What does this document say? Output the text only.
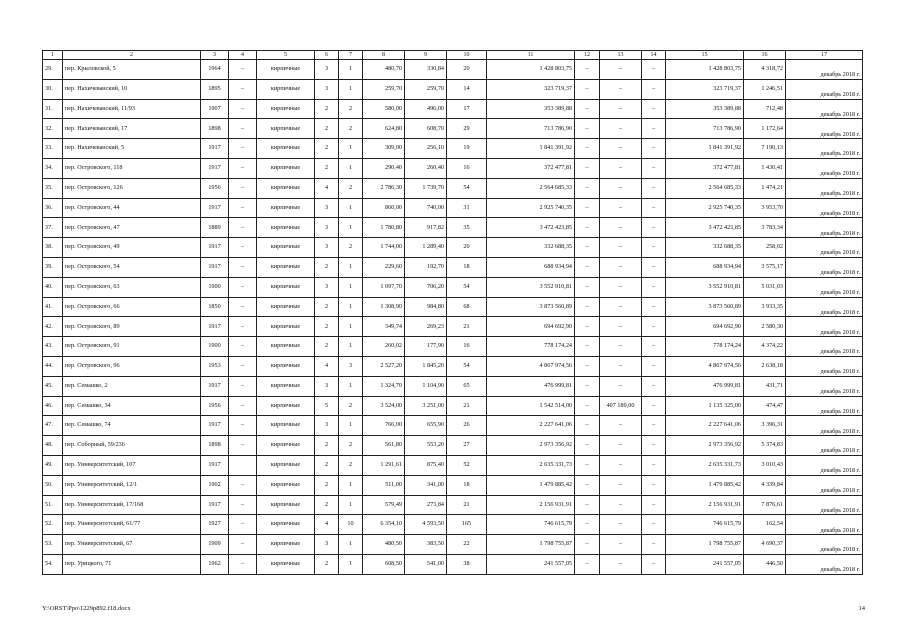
1	2	3	4	5	6	7	8	9	10	11	12	13	14	15	16	17
29.	пер. Крыловской, 5	1964	–	кирпичные	3	1	480,70	330,84	20	1 428 803,75	–	–	–	1 428 803,75	4 318,72	декабрь 2018 г.
30.	пер. Нахичеванский, 10	1895	–	кирпичные	3	1	259,70	259,70	14	323 719,37	–	–	–	323 719,37	1 246,51	декабрь 2018 г.
31.	пер. Нахичеванский, 11/93	1907	–	кирпичные	2	2	580,00	496,00	17	353 389,88	–	–	–	353 389,88	712,48	декабрь 2018 г.
32.	пер. Нахичеванский, 17	1898	–	кирпичные	2	2	624,80	608,70	29	713 786,90	–	–	–	713 786,90	1 172,64	декабрь 2018 г.
33.	пер. Нахичеванский, 5	1917	–	кирпичные	2	1	309,00	256,10	19	1 841 391,92	–	–	–	1 841 391,92	7 190,13	декабрь 2018 г.
34.	пер. Островского, 118	1917	–	кирпичные	2	1	290,40	260,40	16	372 477,81	–	–	–	372 477,81	1 430,41	декабрь 2018 г.
35.	пер. Островского, 126	1956	–	кирпичные	4	2	2 786,30	1 739,70	54	2 564 685,33	–	–	–	2 564 685,33	1 474,21	декабрь 2018 г.
36.	пер. Островского, 44	1917	–	кирпичные	3	1	860,00	740,00	31	2 925 740,35	–	–	–	2 925 740,35	3 953,70	декабрь 2018 г.
37.	пер. Островского, 47	1889	–	кирпичные	3	1	1 780,80	917,82	35	3 472 423,85	–	–	–	3 472 423,85	3 783,34	декабрь 2018 г.
38.	пер. Островского, 49	1917	–	кирпичные	3	2	1 744,00	1 289,40	20	332 688,35	–	–	–	332 688,35	258,02	декабрь 2018 г.
39.	пер. Островского, 54	1917	–	кирпичные	2	1	229,60	192,70	18	688 934,94	–	–	–	688 934,94	3 575,17	декабрь 2018 г.
40.	пер. Островского, 63	1900	–	кирпичные	3	1	1 097,70	706,20	54	3 552 910,81	–	–	–	3 552 910,81	5 031,03	декабрь 2018 г.
41.	пер. Островского, 66	1850	–	кирпичные	2	1	1 308,90	984,80	68	3 873 560,89	–	–	–	3 873 560,89	3 933,35	декабрь 2018 г.
42.	пер. Островского, 89	1917	–	кирпичные	2	1	349,74	269,23	21	694 692,90	–	–	–	694 692,90	2 580,30	декабрь 2018 г.
43.	пер. Островского, 91	1900	–	кирпичные	2	1	260,02	177,90	16	778 174,24	–	–	–	778 174,24	4 374,22	декабрь 2018 г.
44.	пер. Островского, 96	1953	–	кирпичные	4	3	2 527,20	1 845,20	54	4 867 974,56	–	–	–	4 867 974,56	2 638,18	декабрь 2018 г.
45.	пер. Семашко, 2	1917	–	кирпичные	3	1	1 324,70	1 104,90	65	476 999,81	–	–	–	476 999,81	431,71	декабрь 2018 г.
46.	пер. Семашко, 34	1956	–	кирпичные	5	2	3 524,00	3 251,00	21	1 542 514,00	–	407 189,00	–	1 135 325,00	474,47	декабрь 2018 г.
47.	пер. Семашко, 74	1917	–	кирпичные	3	1	766,00	655,90	26	2 227 641,06	–	–	–	2 227 641,06	3 396,31	декабрь 2018 г.
48.	пер. Соборный, 59/236	1898	–	кирпичные	2	2	561,80	553,20	27	2 973 356,92	–	–	–	2 973 356,92	5 374,83	декабрь 2018 г.
49.	пер. Университетский, 107	1917		кирпичные	2	2	1 291,61	875,40	52	2 635 331,73	–	–	–	2 635 331,73	3 010,43	декабрь 2018 г.
50.	пер. Университетский, 12/1	1902	–	кирпичные	2	1	511,00	341,00	18	1 479 885,42	–	–	–	1 479 885,42	4 339,84	декабрь 2018 г.
51.	пер. Университетский, 17/168	1917	–	кирпичные	2	1	579,49	273,84	21	2 156 931,91	–	–	–	2 156 931,91	7 876,61	декабрь 2018 г.
52.	пер. Университетский, 61/77	1927	–	кирпичные	4	10	6 354,10	4 593,50	165	746 615,79	–	–	–	746 615,79	162,54	декабрь 2018 г.
53.	пер. Университетский, 67	1909	–	кирпичные	3	1	480,50	383,50	22	1 798 755,87	–	–	–	1 798 755,87	4 690,37	декабрь 2018 г.
54.	пер. Урицкого, 71	1962	–	кирпичные	2	1	608,50	541,00	38	241 557,05	–	–	–	241 557,05	446,50	декабрь 2018 г.
Y:\ORST\Ppo\1229p892.f18.docx	14
